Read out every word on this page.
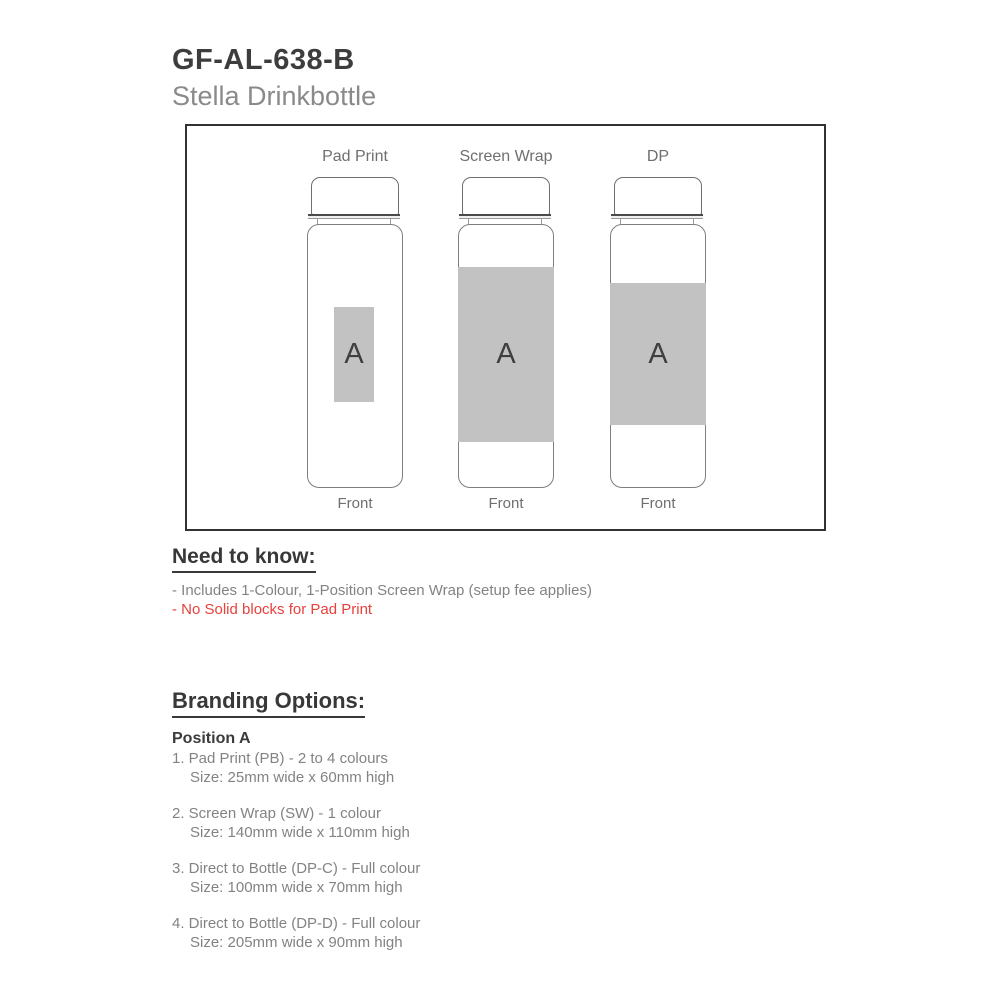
GF-AL-638-B
Stella Drinkbottle
Pad Print
A
Front
Screen Wrap
A
Front
DP
A
Front
Need to know:

- Includes 1-Colour, 1-Position Screen Wrap (setup fee applies)

- No Solid blocks for Pad Print

Branding Options:
Position A

1. Pad Print (PB) - 2 to 4 colours

Size: 25mm wide x 60mm high

2. Screen Wrap (SW) - 1 colour

Size: 140mm wide x 110mm high

3. Direct to Bottle (DP-C) - Full colour

Size: 100mm wide x 70mm high

4. Direct to Bottle (DP-D) - Full colour

Size: 205mm wide x 90mm high
